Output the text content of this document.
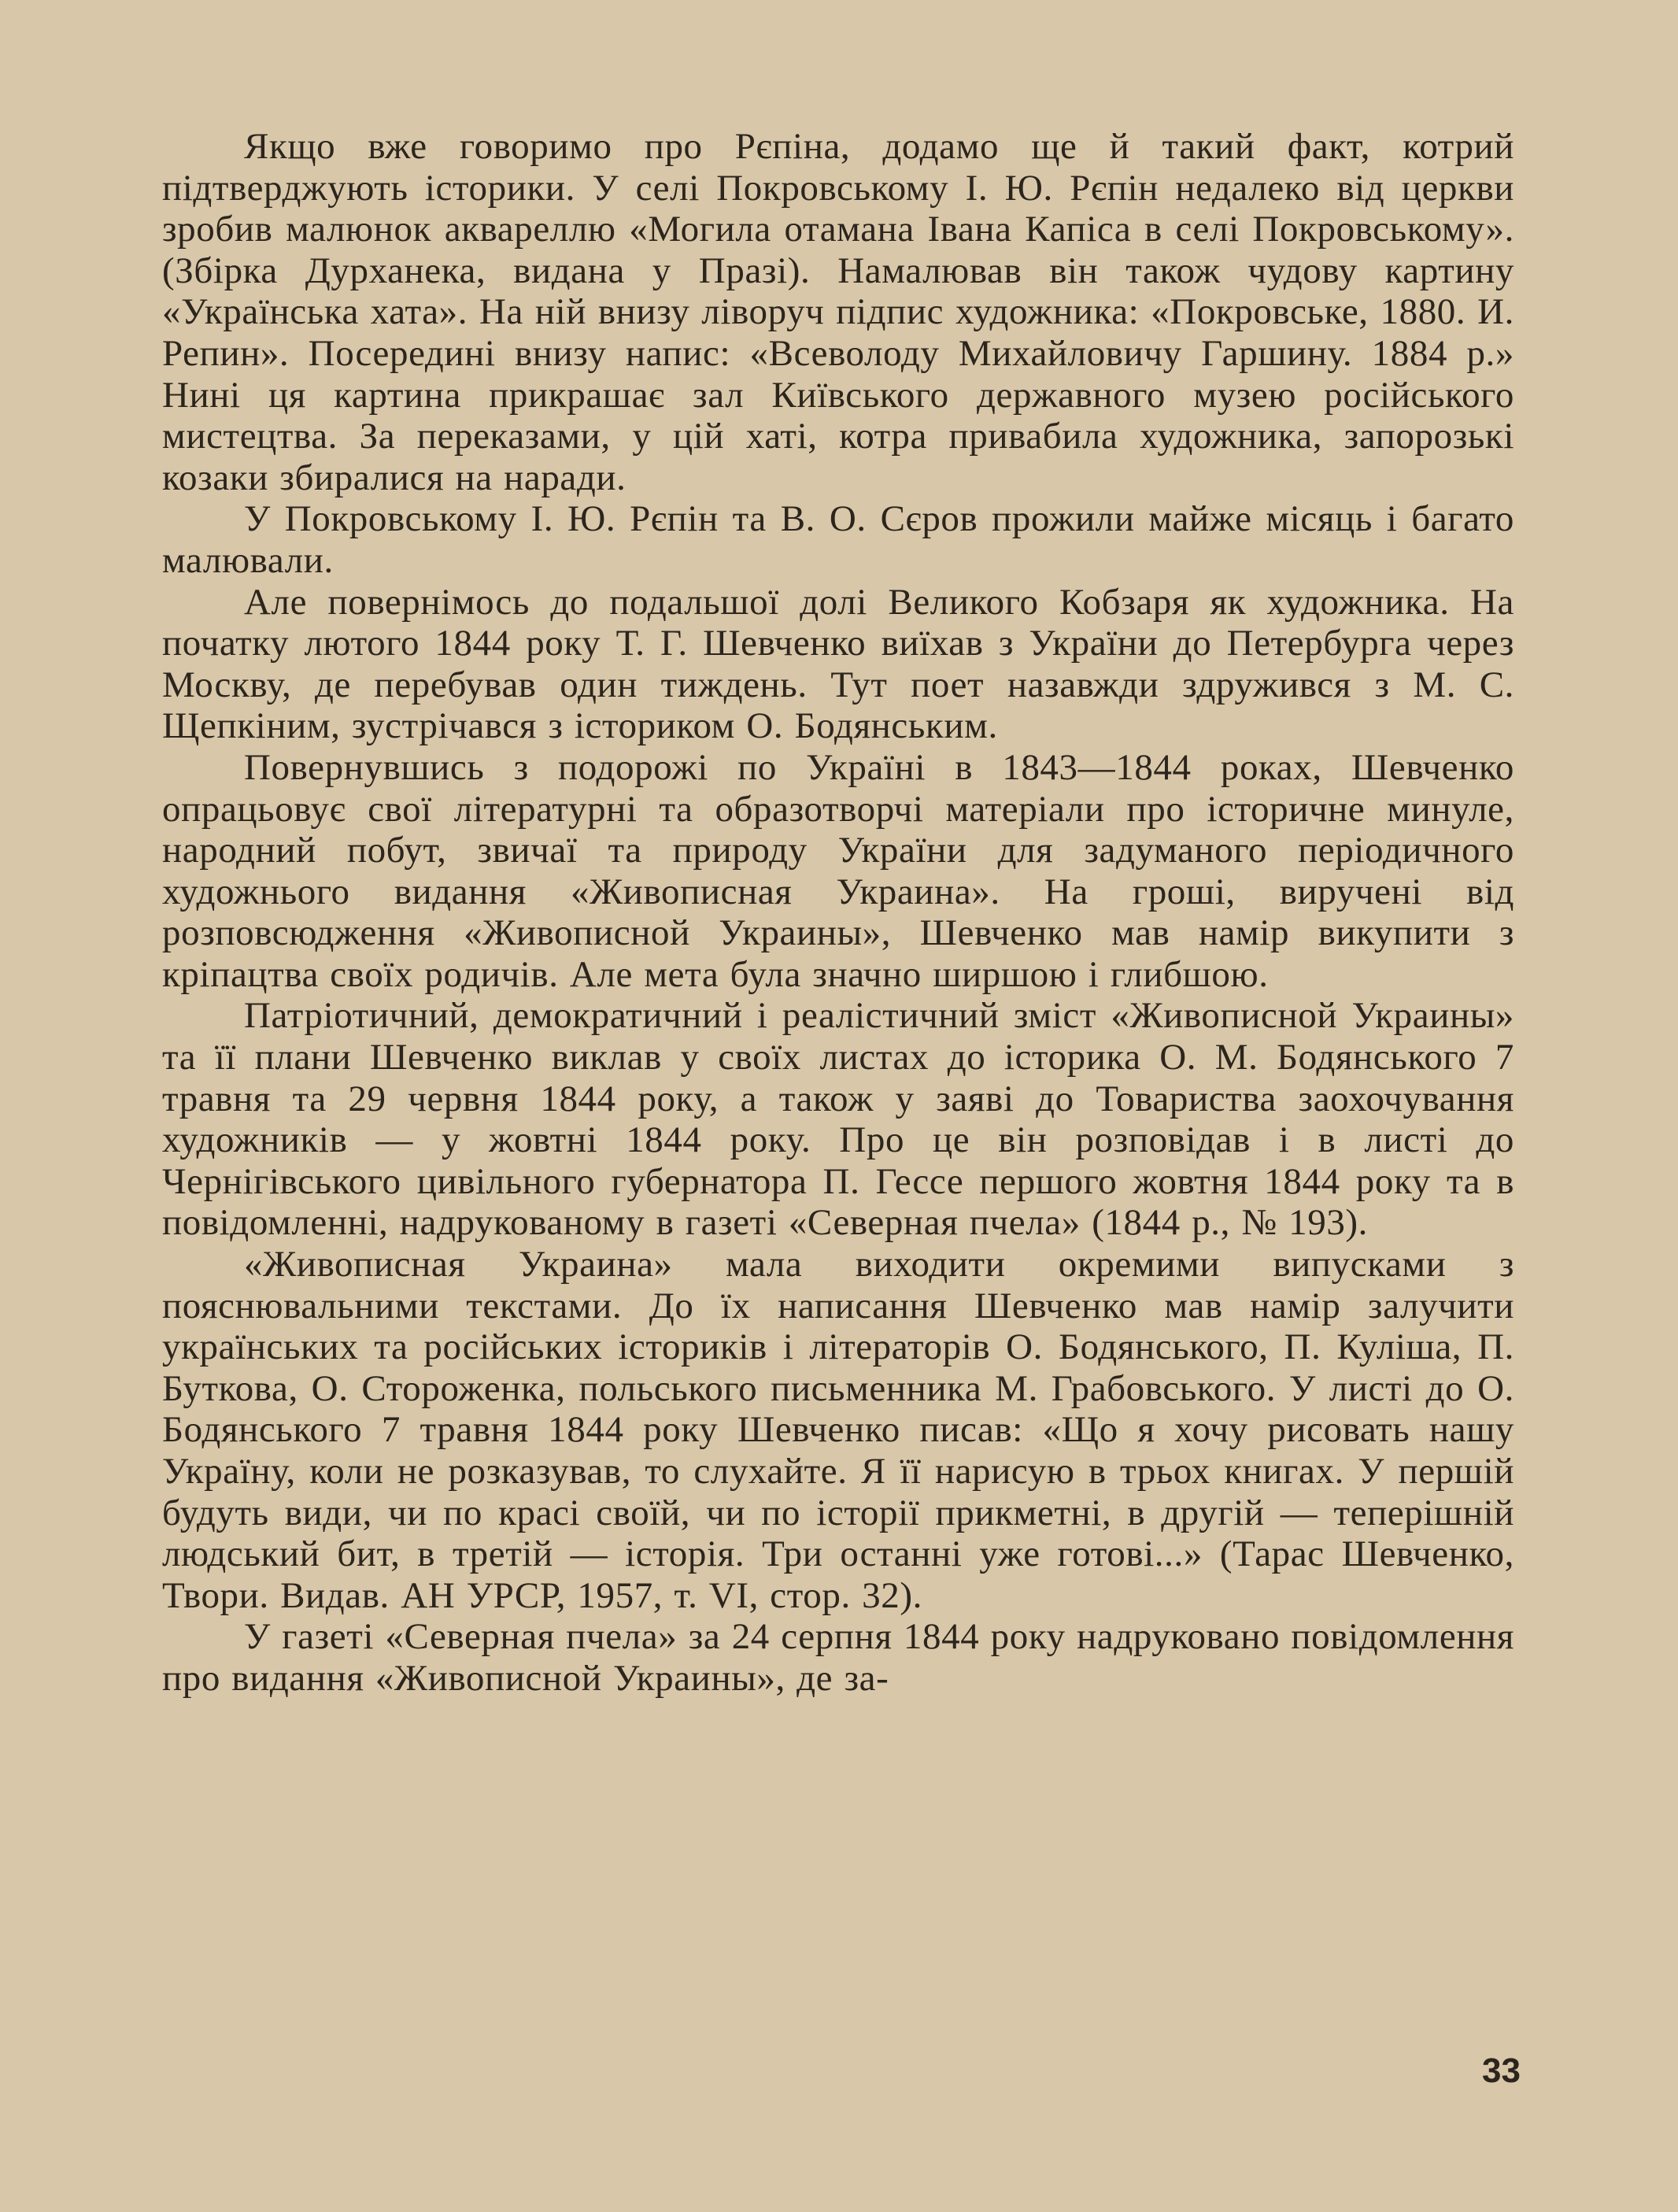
Якщо вже говоримо про Рєпіна, додамо ще й такий факт, котрий підтверджують історики. У селі Покровському І. Ю. Рєпін недалеко від церкви зробив малюнок аквареллю «Могила отамана Івана Капіса в селі Покровському». (Збірка Дурханека, видана у Празі). Намалював він також чудову картину «Українська хата». На ній внизу ліворуч підпис художника: «Покровське, 1880. И. Репин». Посередині внизу напис: «Всеволоду Михайловичу Гаршину. 1884 р.» Нині ця картина прикрашає зал Київського державного музею російського мистецтва. За переказами, у цій хаті, котра привабила художника, запорозькі козаки збиралися на наради.

У Покровському І. Ю. Рєпін та В. О. Сєров прожили майже місяць і багато малювали.

Але повернімось до подальшої долі Великого Кобзаря як художника. На початку лютого 1844 року Т. Г. Шевченко виїхав з України до Петербурга через Москву, де перебував один тиждень. Тут поет назавжди здружився з М. С. Щепкіним, зустрічався з істориком О. Бодянським.

Повернувшись з подорожі по Україні в 1843—1844 роках, Шевченко опрацьовує свої літературні та образотворчі матеріали про історичне минуле, народний побут, звичаї та природу України для задуманого періодичного художнього видання «Живописная Украина». На гроші, виручені від розповсюдження «Живописной Украины», Шевченко мав намір викупити з кріпацтва своїх родичів. Але мета була значно ширшою і глибшою.

Патріотичний, демократичний і реалістичний зміст «Живописной Украины» та її плани Шевченко виклав у своїх листах до історика О. М. Бодянського 7 травня та 29 червня 1844 року, а також у заяві до Товариства заохочування художників — у жовтні 1844 року. Про це він розповідав і в листі до Чернігівського цивільного губернатора П. Гессе першого жовтня 1844 року та в повідомленні, надрукованому в газеті «Северная пчела» (1844 р., № 193).

«Живописная Украина» мала виходити окремими випусками з пояснювальними текстами. До їх написання Шевченко мав намір залучити українських та російських істориків і літераторів О. Бодянського, П. Куліша, П. Буткова, О. Стороженка, польського письменника М. Грабовського. У листі до О. Бодянського 7 травня 1844 року Шевченко писав: «Що я хочу рисовать нашу Україну, коли не розказував, то слухайте. Я її нарисую в трьох книгах. У першій будуть види, чи по красі своїй, чи по історії прикметні, в другій — теперішній людський бит, в третій — історія. Три останні уже готові...» (Тарас Шевченко, Твори. Видав. АН УРСР, 1957, т. VI, стор. 32).

У газеті «Северная пчела» за 24 серпня 1844 року надруковано повідомлення про видання «Живописной Украины», де за-

33
